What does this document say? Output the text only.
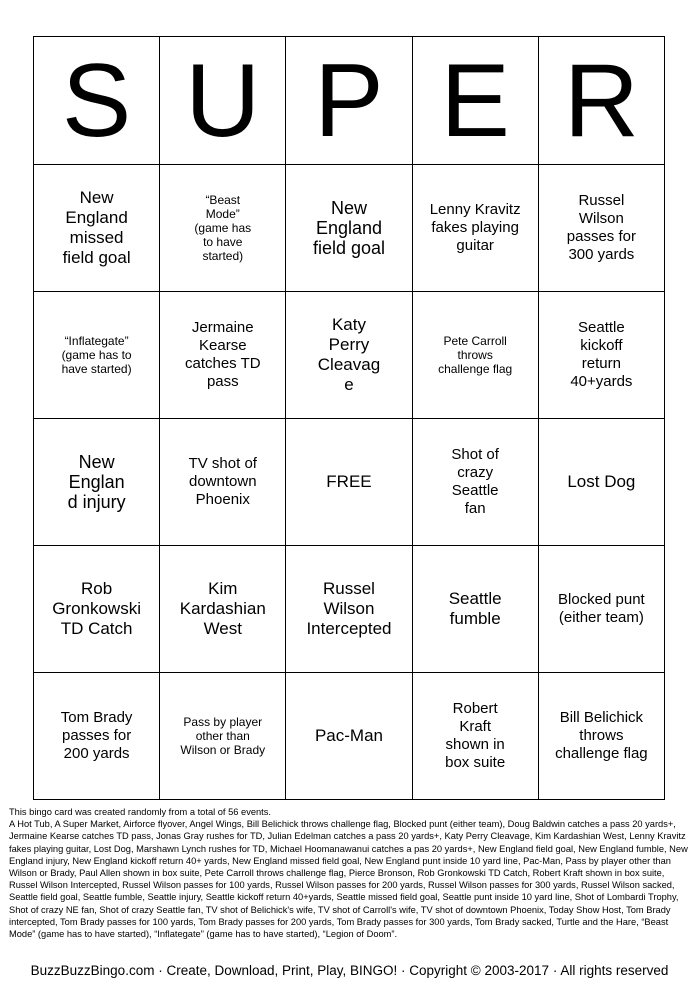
S	U	P	E	R
New England missed field goal	“Beast Mode” (game has to have started)	New England field goal	Lenny Kravitz fakes playing guitar	Russel Wilson passes for 300 yards
“Inflategate” (game has to have started)	Jermaine Kearse catches TD pass	Katy Perry Cleavage	Pete Carroll throws challenge flag	Seattle kickoff return 40+yards
New England injury	TV shot of downtown Phoenix	FREE	Shot of crazy Seattle fan	Lost Dog
Rob Gronkowski TD Catch	Kim Kardashian West	Russel Wilson Intercepted	Seattle fumble	Blocked punt (either team)
Tom Brady passes for 200 yards	Pass by player other than Wilson or Brady	Pac-Man	Robert Kraft shown in box suite	Bill Belichick throws challenge flag
This bingo card was created randomly from a total of 56 events.
A Hot Tub, A Super Market, Airforce flyover, Angel Wings, Bill Belichick throws challenge flag, Blocked punt (either team), Doug Baldwin catches a pass 20 yards+, Jermaine Kearse catches TD pass, Jonas Gray rushes for TD, Julian Edelman catches a pass 20 yards+, Katy Perry Cleavage, Kim Kardashian West, Lenny Kravitz fakes playing guitar, Lost Dog, Marshawn Lynch rushes for TD, Michael Hoomanawanui catches a pas 20 yards+, New England field goal, New England fumble, New England injury, New England kickoff return 40+ yards, New England missed field goal, New England punt inside 10 yard line, Pac-Man, Pass by player other than Wilson or Brady, Paul Allen shown in box suite, Pete Carroll throws challenge flag, Pierce Bronson, Rob Gronkowski TD Catch, Robert Kraft shown in box suite, Russel Wilson Intercepted, Russel Wilson passes for 100 yards, Russel Wilson passes for 200 yards, Russel Wilson passes for 300 yards, Russel Wilson sacked, Seattle field goal, Seattle fumble, Seattle injury, Seattle kickoff return 40+yards, Seattle missed field goal, Seattle punt inside 10 yard line, Shot of Lombardi Trophy, Shot of crazy NE fan, Shot of crazy Seattle fan, TV shot of Belichick's wife, TV shot of Carroll's wife, TV shot of downtown Phoenix, Today Show Host, Tom Brady intercepted, Tom Brady passes for 100 yards, Tom Brady passes for 200 yards, Tom Brady passes for 300 yards, Tom Brady sacked, Turtle and the Hare, “Beast Mode” (game has to have started), “Inflategate” (game has to have started), “Legion of Doom”.
BuzzBuzzBingo.com · Create, Download, Print, Play, BINGO! · Copyright © 2003-2017 · All rights reserved
